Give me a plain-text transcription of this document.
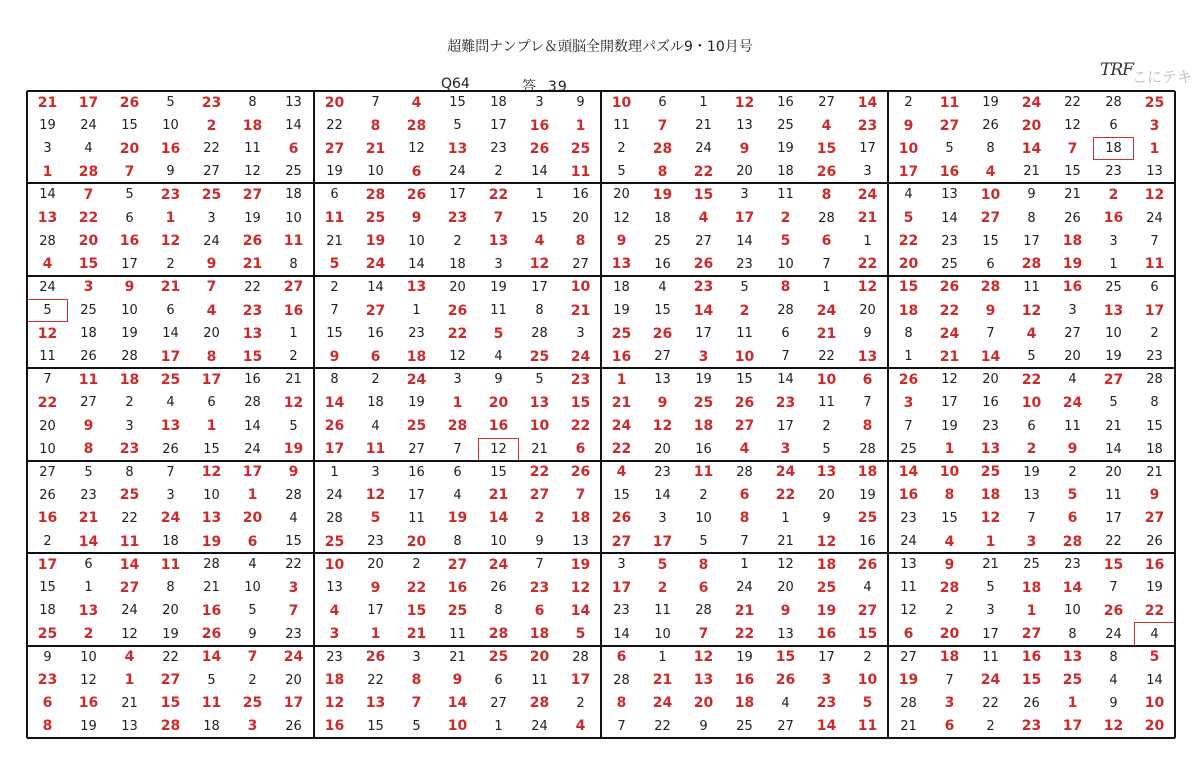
超難問ナンプレ＆頭脳全開数理パズル9・10月号
Q64	答 39
TRF こにテキ
21	17	26	5	23	8	13	20	7	4	15	18	3	9	10	6	1	12	16	27	14	2	11	19	24	22	28	25
19	24	15	10	2	18	14	22	8	28	5	17	16	1	11	7	21	13	25	4	23	9	27	26	20	12	6	3
3	4	20	16	22	11	6	27	21	12	13	23	26	25	2	28	24	9	19	15	17	10	5	8	14	7	18	1
1	28	7	9	27	12	25	19	10	6	24	2	14	11	5	8	22	20	18	26	3	17	16	4	21	15	23	13
14	7	5	23	25	27	18	6	28	26	17	22	1	16	20	19	15	3	11	8	24	4	13	10	9	21	2	12
13	22	6	1	3	19	10	11	25	9	23	7	15	20	12	18	4	17	2	28	21	5	14	27	8	26	16	24
28	20	16	12	24	26	11	21	19	10	2	13	4	8	9	25	27	14	5	6	1	22	23	15	17	18	3	7
4	15	17	2	9	21	8	5	24	14	18	3	12	27	13	16	26	23	10	7	22	20	25	6	28	19	1	11
24	3	9	21	7	22	27	2	14	13	20	19	17	10	18	4	23	5	8	1	12	15	26	28	11	16	25	6
5	25	10	6	4	23	16	7	27	1	26	11	8	21	19	15	14	2	28	24	20	18	22	9	12	3	13	17
12	18	19	14	20	13	1	15	16	23	22	5	28	3	25	26	17	11	6	21	9	8	24	7	4	27	10	2
11	26	28	17	8	15	2	9	6	18	12	4	25	24	16	27	3	10	7	22	13	1	21	14	5	20	19	23
7	11	18	25	17	16	21	8	2	24	3	9	5	23	1	13	19	15	14	10	6	26	12	20	22	4	27	28
22	27	2	4	6	28	12	14	18	19	1	20	13	15	21	9	25	26	23	11	7	3	17	16	10	24	5	8
20	9	3	13	1	14	5	26	4	25	28	16	10	22	24	12	18	27	17	2	8	7	19	23	6	11	21	15
10	8	23	26	15	24	19	17	11	27	7	12	21	6	22	20	16	4	3	5	28	25	1	13	2	9	14	18
27	5	8	7	12	17	9	1	3	16	6	15	22	26	4	23	11	28	24	13	18	14	10	25	19	2	20	21
26	23	25	3	10	1	28	24	12	17	4	21	27	7	15	14	2	6	22	20	19	16	8	18	13	5	11	9
16	21	22	24	13	20	4	28	5	11	19	14	2	18	26	3	10	8	1	9	25	23	15	12	7	6	17	27
2	14	11	18	19	6	15	25	23	20	8	10	9	13	27	17	5	7	21	12	16	24	4	1	3	28	22	26
17	6	14	11	28	4	22	10	20	2	27	24	7	19	3	5	8	1	12	18	26	13	9	21	25	23	15	16
15	1	27	8	21	10	3	13	9	22	16	26	23	12	17	2	6	24	20	25	4	11	28	5	18	14	7	19
18	13	24	20	16	5	7	4	17	15	25	8	6	14	23	11	28	21	9	19	27	12	2	3	1	10	26	22
25	2	12	19	26	9	23	3	1	21	11	28	18	5	14	10	7	22	13	16	15	6	20	17	27	8	24	4
9	10	4	22	14	7	24	23	26	3	21	25	20	28	6	1	12	19	15	17	2	27	18	11	16	13	8	5
23	12	1	27	5	2	20	18	22	8	9	6	11	17	28	21	13	16	26	3	10	19	7	24	15	25	4	14
6	16	21	15	11	25	17	12	13	7	14	27	28	2	8	24	20	18	4	23	5	28	3	22	26	1	9	10
8	19	13	28	18	3	26	16	15	5	10	1	24	4	7	22	9	25	27	14	11	21	6	2	23	17	12	20
